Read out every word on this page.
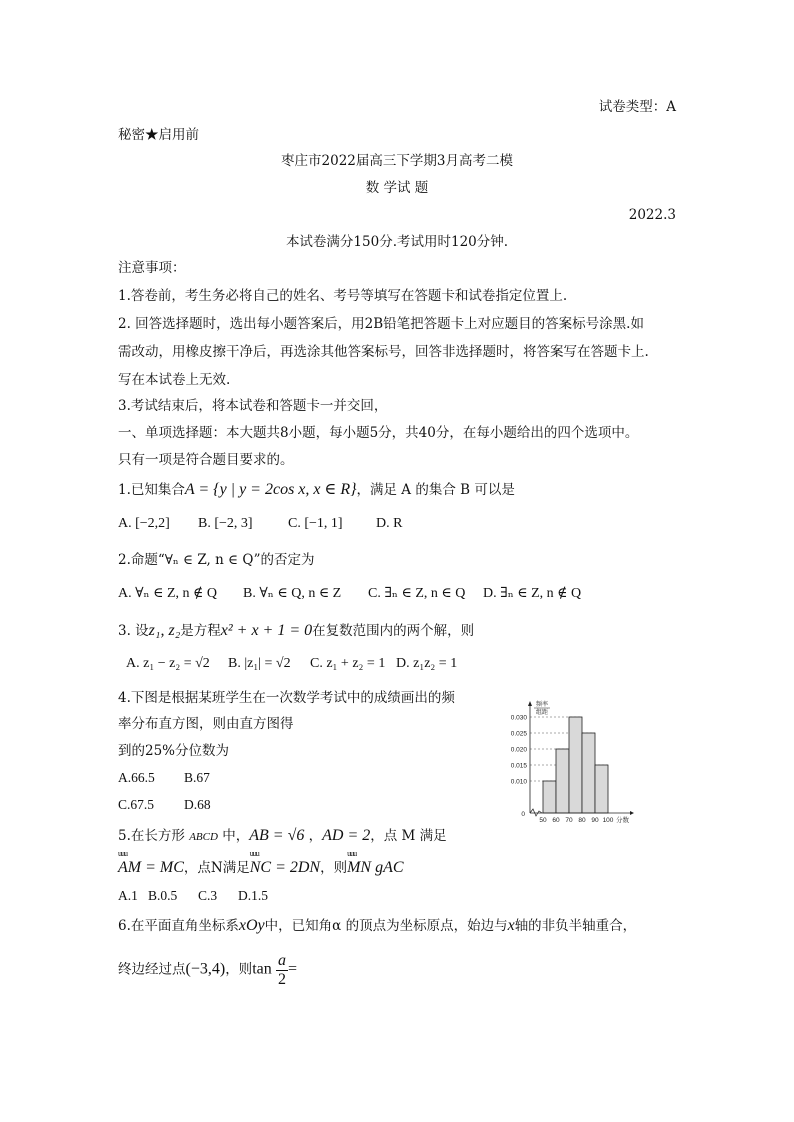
试卷类型：A
秘密★启用前
枣庄市2022届高三下学期3月高考二模
数 学试 题
2022.3
本试卷满分150分.考试用时120分钟.
注意事项：
1.答卷前，考生务必将自己的姓名、考号等填写在答题卡和试卷指定位置上.
2. 回答选择题时，选出每小题答案后，用2B铅笔把答题卡上对应题目的答案标号涂黑.如
需改动，用橡皮擦干净后，再选涂其他答案标号，回答非选择题时，将答案写在答题卡上.
写在本试卷上无效.
3.考试结束后，将本试卷和答题卡一并交回，
一、单项选择题：本大题共8小题，每小题5分，共40分，在每小题给出的四个选项中。
只有一项是符合题目要求的。
1.已知集合A = {y | y = 2cos x, x ∈ R}，满足 A 的集合 B 可以是
A. [−2,2] B. [−2, 3]	C. [−1, 1] D. R
2.命题“∀ₙ ∈ Z, n ∈ Q”的否定为
A. ∀ₙ ∈ Z, n ∉ Q B. ∀ₙ ∈ Q, n ∈ Z C. ∃ₙ ∈ Z, n ∈ Q D. ∃ₙ ∈ Z, n ∉ Q
3. 设z₁, z₂是方程x² + x + 1 = 0在复数范围内的两个解，则
A. z₁ − z₂ = √2 B. |z₁| = √2 C. z₁ + z₂ = 1 D. z₁z₂ = 1
4.下图是根据某班学生在一次数学考试中的成绩画出的频
率分布直方图，则由直方图得
到的25%分位数为
A.66.5 B.67
C.67.5 D.68
0.010
0.015
0.020
0.025
0.030
0
50 60 70 80 90 100 分数
频率
组距
5.在长方形 ABCD 中，AB = √6 ，AD = 2，点 M 满足
uuu AM = MC，点N满足uuu NC = 2DN，则uuu MN gAC
A.1 B.0.5 C.3 D.1.5
6.在平面直角坐标系xOy中，已知角α 的顶点为坐标原点，始边与x轴的非负半轴重合，
终边经过点(−3,4)，则$\tan \frac{a}{2}$ =
